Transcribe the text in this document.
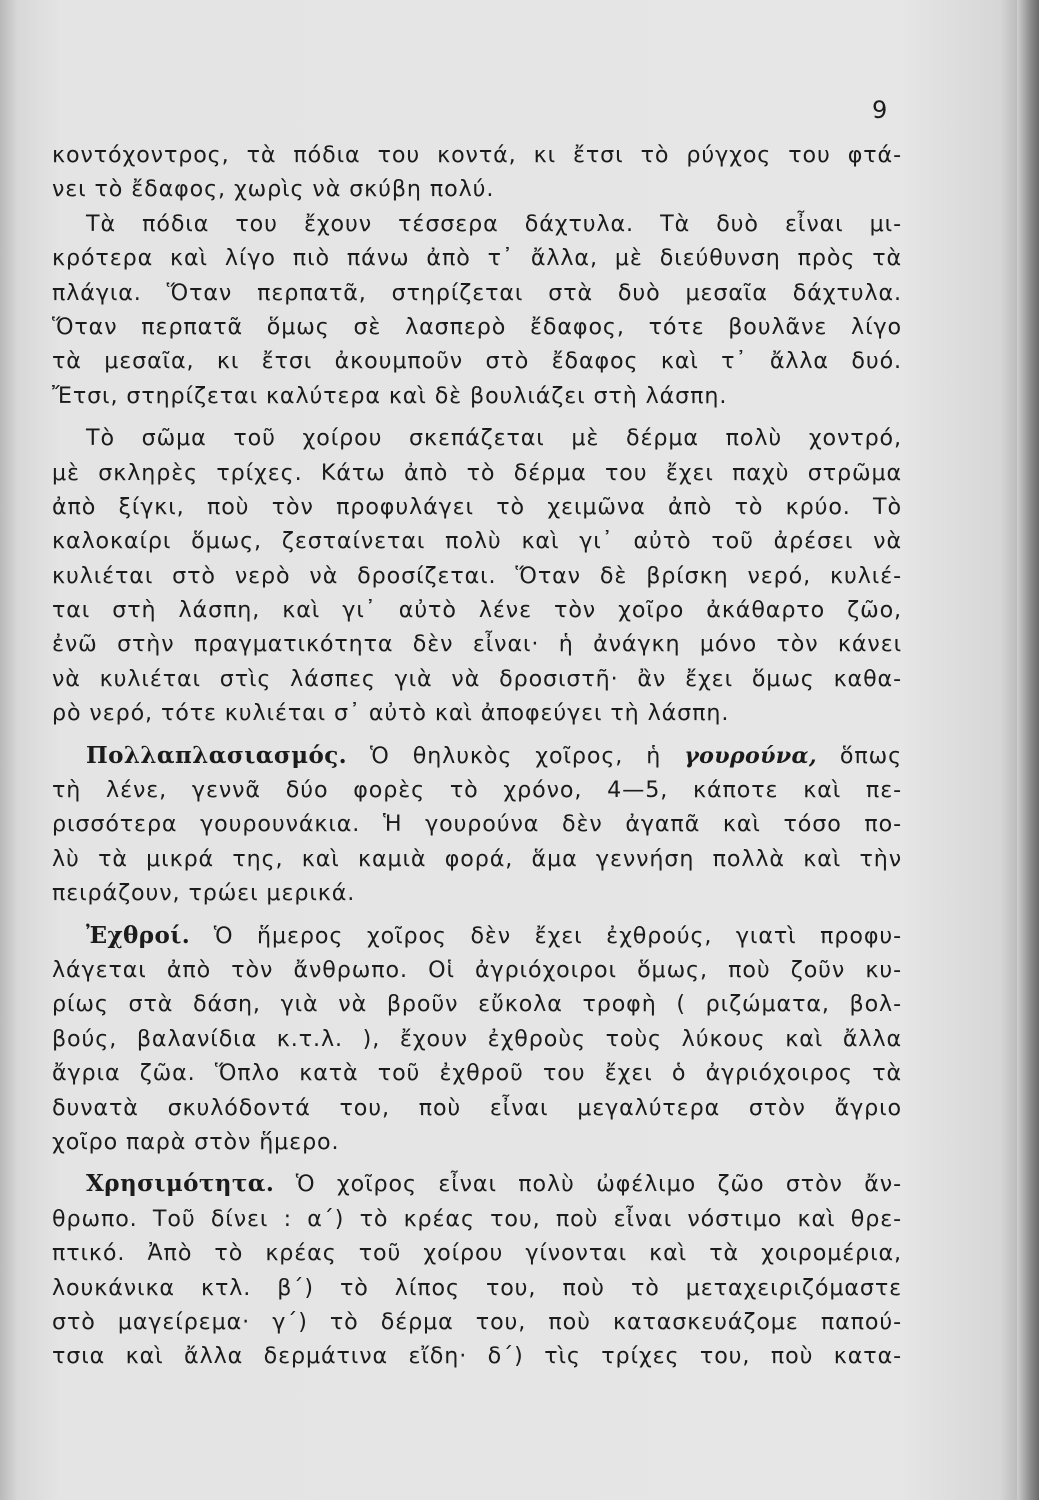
9
κοντόχοντρος, τὰ πόδια του κοντά, κι ἔτσι τὸ ρύγχος του φτά-
νει τὸ ἔδαφος, χωρὶς νὰ σκύβη πολύ.
Τὰ πόδια του ἔχουν τέσσερα δάχτυλα. Τὰ δυὸ εἶναι μι-
κρότερα καὶ λίγο πιὸ πάνω ἀπὸ τ᾿ ἄλλα, μὲ διεύθυνση πρὸς τὰ
πλάγια. Ὅταν περπατᾶ, στηρίζεται στὰ δυὸ μεσαῖα δάχτυλα.
Ὅταν περπατᾶ ὅμως σὲ λασπερὸ ἔδαφος, τότε βουλᾶνε λίγο
τὰ μεσαῖα, κι ἔτσι ἀκουμποῦν στὸ ἔδαφος καὶ τ᾿ ἄλλα δυό.
Ἔτσι, στηρίζεται καλύτερα καὶ δὲ βουλιάζει στὴ λάσπη.
Τὸ σῶμα τοῦ χοίρου σκεπάζεται μὲ δέρμα πολὺ χοντρό,
μὲ σκληρὲς τρίχες. Κάτω ἀπὸ τὸ δέρμα του ἔχει παχὺ στρῶμα
ἀπὸ ξίγκι, ποὺ τὸν προφυλάγει τὸ χειμῶνα ἀπὸ τὸ κρύο. Τὸ
καλοκαίρι ὅμως, ζεσταίνεται πολὺ καὶ γι᾿ αὐτὸ τοῦ ἀρέσει νὰ
κυλιέται στὸ νερὸ νὰ δροσίζεται. Ὅταν δὲ βρίσκη νερό, κυλιέ-
ται στὴ λάσπη, καὶ γι᾿ αὐτὸ λένε τὸν χοῖρο ἀκάθαρτο ζῶο,
ἐνῶ στὴν πραγματικότητα δὲν εἶναι· ἡ ἀνάγκη μόνο τὸν κάνει
νὰ κυλιέται στὶς λάσπες γιὰ νὰ δροσιστῆ· ἂν ἔχει ὅμως καθα-
ρὸ νερό, τότε κυλιέται σ᾿ αὐτὸ καὶ ἀποφεύγει τὴ λάσπη.
Πολλαπλασιασμός. Ὁ θηλυκὸς χοῖρος, ἡ γουρούνα, ὅπως
τὴ λένε, γεννᾶ δύο φορὲς τὸ χρόνο, 4—5, κάποτε καὶ πε-
ρισσότερα γουρουνάκια. Ἡ γουρούνα δὲν ἀγαπᾶ καὶ τόσο πο-
λὺ τὰ μικρά της, καὶ καμιὰ φορά, ἅμα γεννήση πολλὰ καὶ τὴν
πειράζουν, τρώει μερικά.
Ἐχθροί. Ὁ ἥμερος χοῖρος δὲν ἔχει ἐχθρούς, γιατὶ προφυ-
λάγεται ἀπὸ τὸν ἄνθρωπο. Οἱ ἀγριόχοιροι ὅμως, ποὺ ζοῦν κυ-
ρίως στὰ δάση, γιὰ νὰ βροῦν εὔκολα τροφὴ ( ριζώματα, βολ-
βούς, βαλανίδια κ.τ.λ. ), ἔχουν ἐχθροὺς τοὺς λύκους καὶ ἄλλα
ἄγρια ζῶα. Ὅπλο κατὰ τοῦ ἐχθροῦ του ἔχει ὁ ἀγριόχοιρος τὰ
δυνατὰ σκυλόδοντά του, ποὺ εἶναι μεγαλύτερα στὸν ἄγριο
χοῖρο παρὰ στὸν ἥμερο.
Χρησιμότητα. Ὁ χοῖρος εἶναι πολὺ ὠφέλιμο ζῶο στὸν ἄν-
θρωπο. Τοῦ δίνει : α΄) τὸ κρέας του, ποὺ εἶναι νόστιμο καὶ θρε-
πτικό. Ἀπὸ τὸ κρέας τοῦ χοίρου γίνονται καὶ τὰ χοιρομέρια,
λουκάνικα κτλ. β΄) τὸ λίπος του, ποὺ τὸ μεταχειριζόμαστε
στὸ μαγείρεμα· γ΄) τὸ δέρμα του, ποὺ κατασκευάζομε παπού-
τσια καὶ ἄλλα δερμάτινα εἴδη· δ΄) τὶς τρίχες του, ποὺ κατα-
